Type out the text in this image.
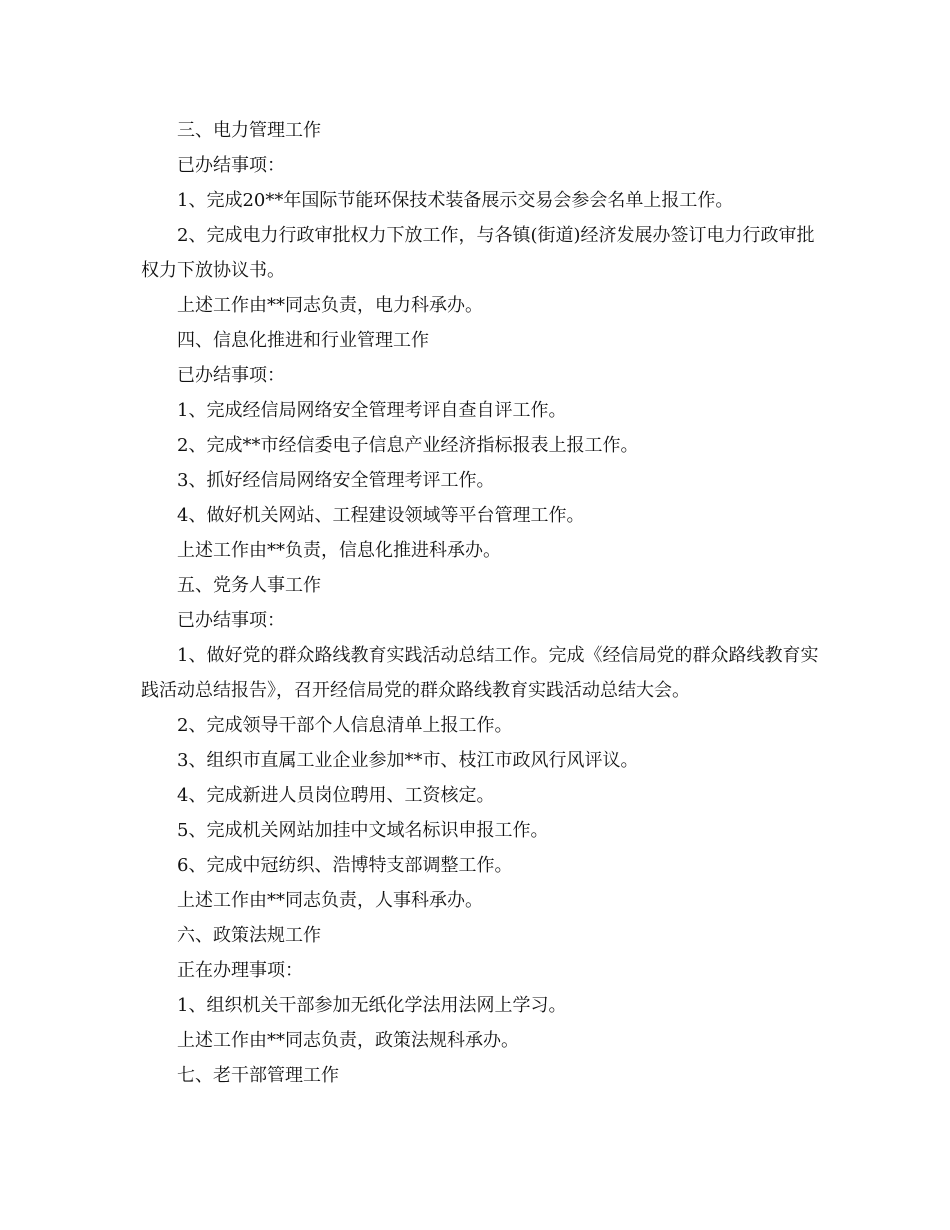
三、电力管理工作

已办结事项：

1、完成20**年国际节能环保技术装备展示交易会参会名单上报工作。

2、完成电力行政审批权力下放工作，与各镇(街道)经济发展办签订电力行政审批权力下放协议书。

上述工作由**同志负责，电力科承办。

四、信息化推进和行业管理工作

已办结事项：

1、完成经信局网络安全管理考评自查自评工作。

2、完成**市经信委电子信息产业经济指标报表上报工作。

3、抓好经信局网络安全管理考评工作。

4、做好机关网站、工程建设领域等平台管理工作。

上述工作由**负责，信息化推进科承办。

五、党务人事工作

已办结事项：

1、做好党的群众路线教育实践活动总结工作。完成《经信局党的群众路线教育实践活动总结报告》，召开经信局党的群众路线教育实践活动总结大会。

2、完成领导干部个人信息清单上报工作。

3、组织市直属工业企业参加**市、枝江市政风行风评议。

4、完成新进人员岗位聘用、工资核定。

5、完成机关网站加挂中文域名标识申报工作。

6、完成中冠纺织、浩博特支部调整工作。

上述工作由**同志负责，人事科承办。

六、政策法规工作

正在办理事项：

1、组织机关干部参加无纸化学法用法网上学习。

上述工作由**同志负责，政策法规科承办。

七、老干部管理工作
